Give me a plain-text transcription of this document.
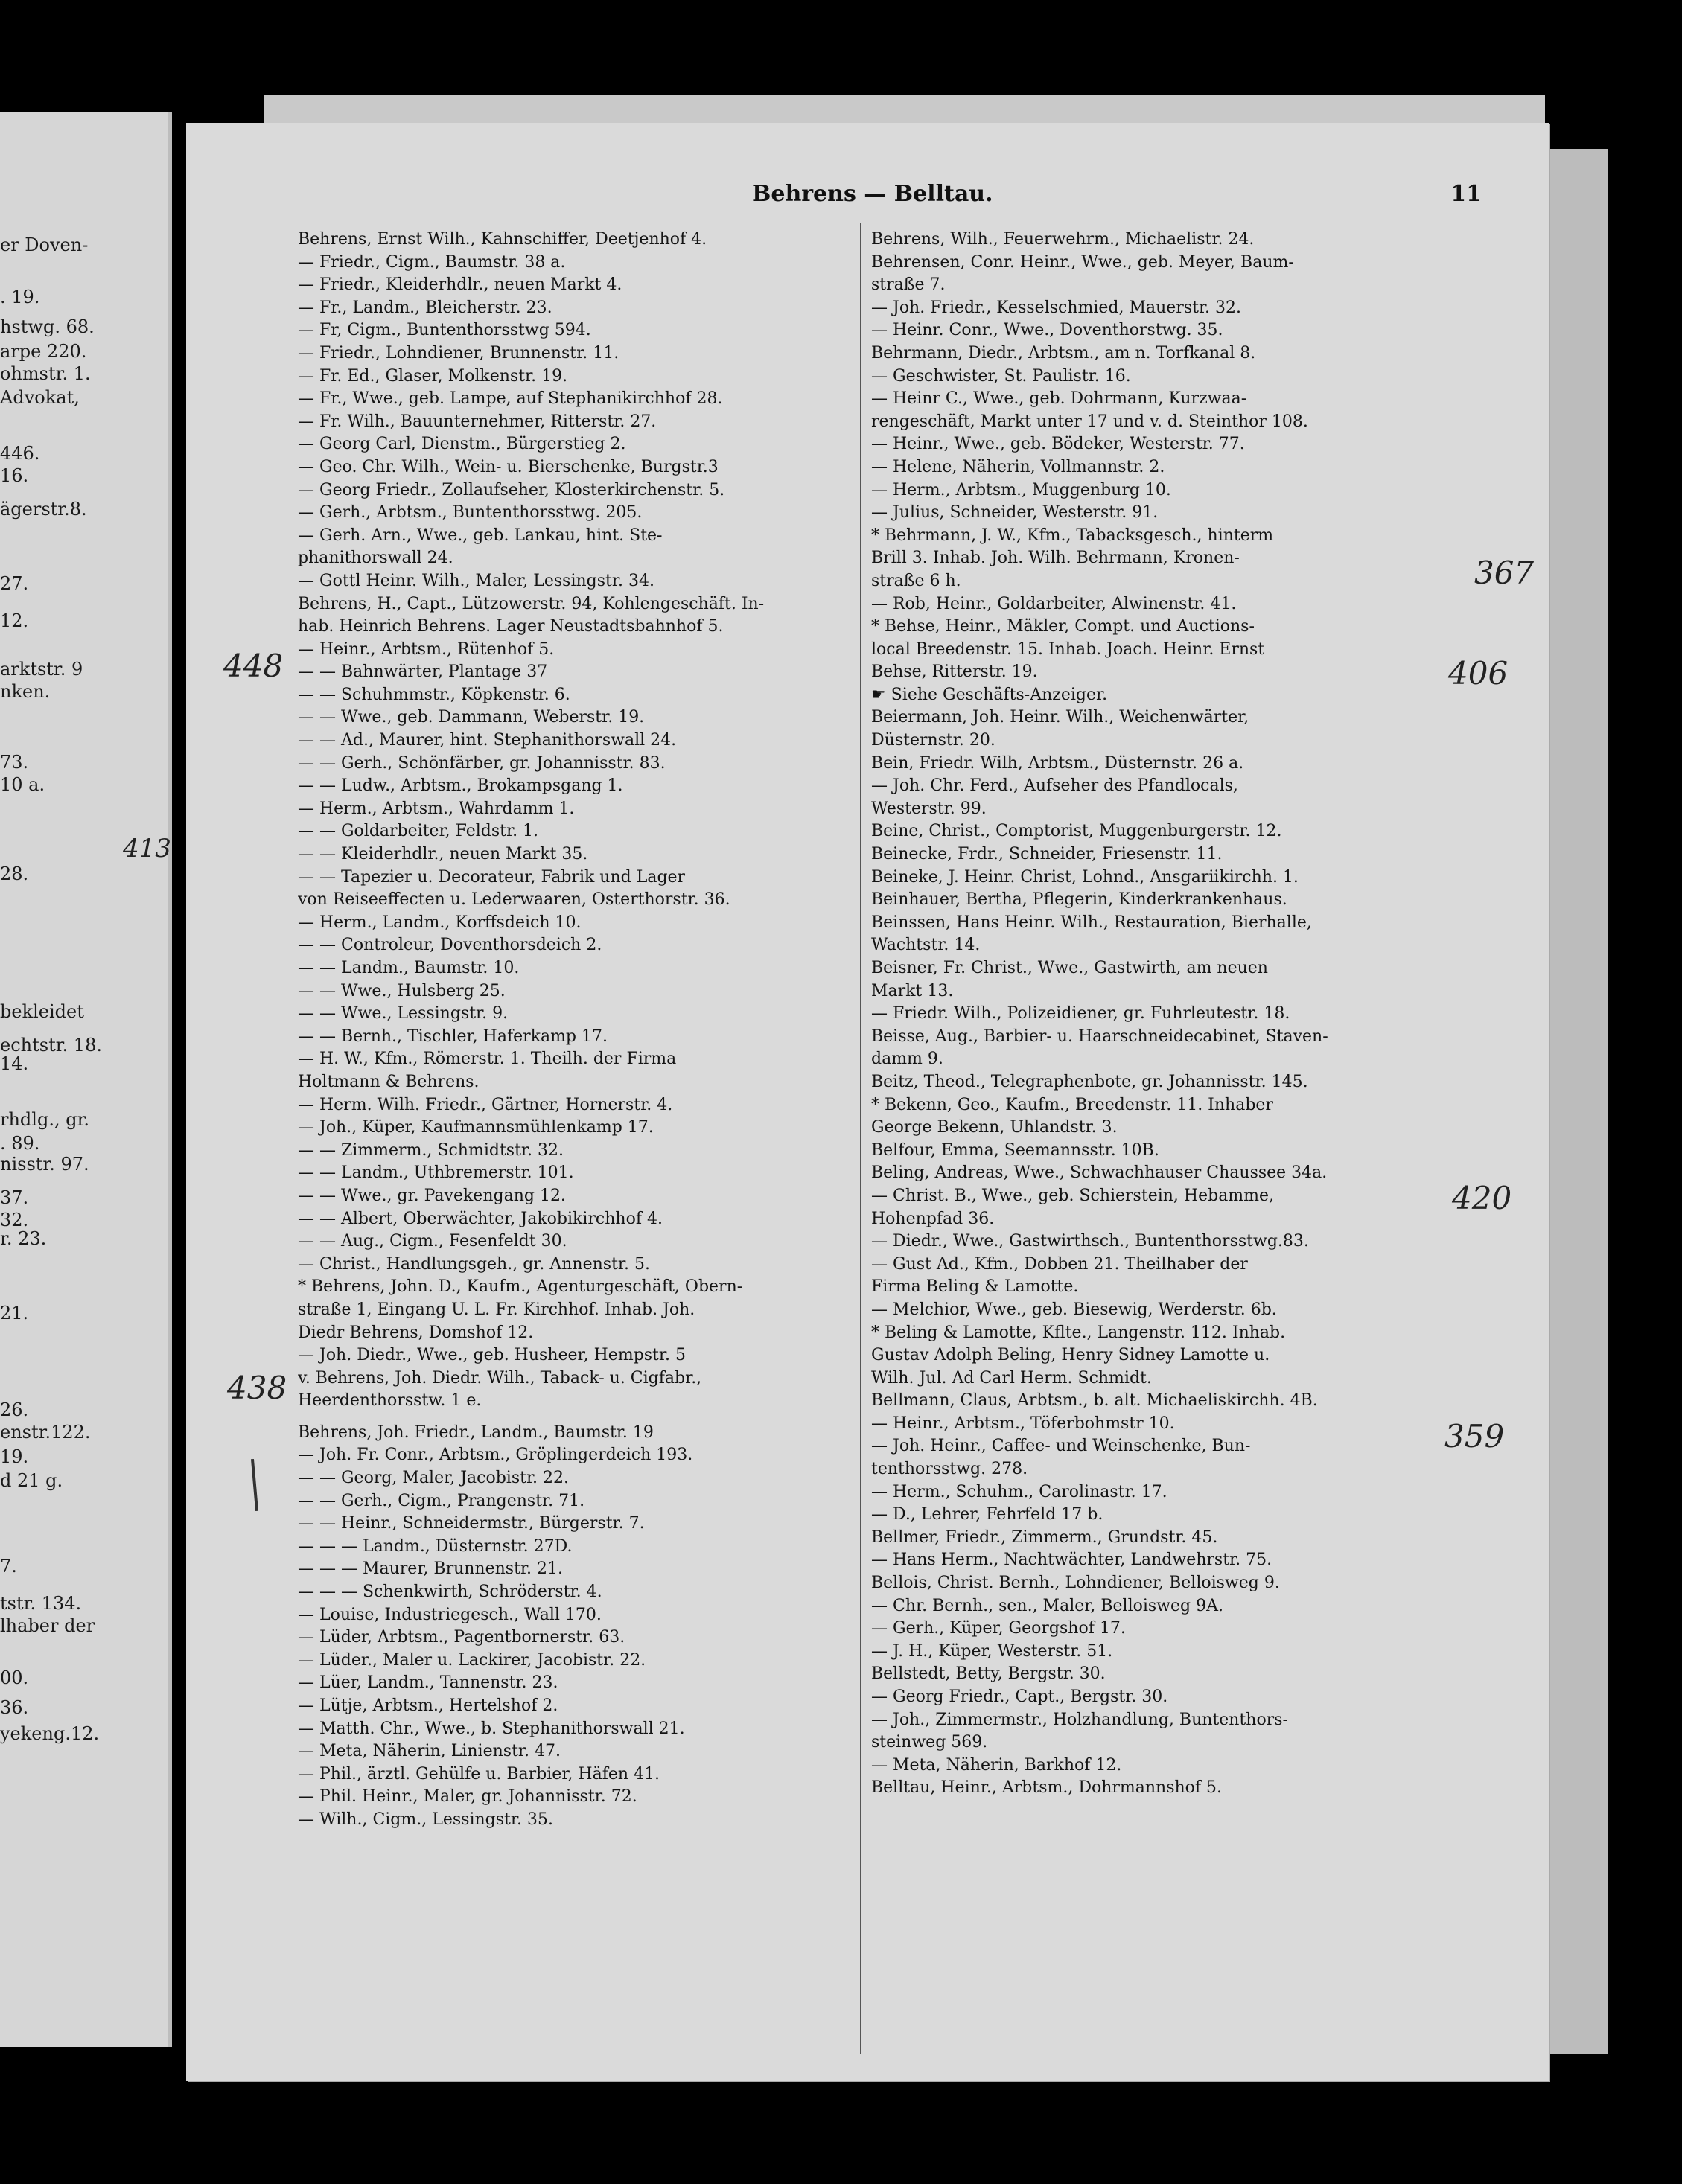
er Doven-
. 19.
hstwg. 68.
arpe 220.
ohmstr. 1.
Advokat,
446.
16.
ägerstr.8.
27.
12.
arktstr. 9
nken.
73.
10 a.
28.
bekleidet
echtstr. 18.
14.
rhdlg., gr.
. 89.
nisstr. 97.
37.
32.
r. 23.
21.
26.
enstr.122.
19.
d 21 g.
7.
tstr. 134.
lhaber der
00.
36.
yekeng.12.
Behrens — Belltau.	11
Behrens, Ernst Wilh., Kahnschiffer, Deetjenhof 4.
— Friedr., Cigm., Baumstr. 38 a.
— Friedr., Kleiderhdlr., neuen Markt 4.
— Fr., Landm., Bleicherstr. 23.
— Fr, Cigm., Buntenthorsstwg 594.
— Friedr., Lohndiener, Brunnenstr. 11.
— Fr. Ed., Glaser, Molkenstr. 19.
— Fr., Wwe., geb. Lampe, auf Stephanikirchhof 28.
— Fr. Wilh., Bauunternehmer, Ritterstr. 27.
— Georg Carl, Dienstm., Bürgerstieg 2.
— Geo. Chr. Wilh., Wein- u. Bierschenke, Burgstr.3
— Georg Friedr., Zollaufseher, Klosterkirchenstr. 5.
— Gerh., Arbtsm., Buntenthorsstwg. 205.
— Gerh. Arn., Wwe., geb. Lankau, hint. Ste-
phanithorswall 24.
— Gottl Heinr. Wilh., Maler, Lessingstr. 34.
Behrens, H., Capt., Lützowerstr. 94, Kohlengeschäft. In-
hab. Heinrich Behrens. Lager Neustadtsbahnhof 5.
— Heinr., Arbtsm., Rütenhof 5.
— — Bahnwärter, Plantage 37
— — Schuhmmstr., Köpkenstr. 6.
— — Wwe., geb. Dammann, Weberstr. 19.
— — Ad., Maurer, hint. Stephanithorswall 24.
— — Gerh., Schönfärber, gr. Johannisstr. 83.
— — Ludw., Arbtsm., Brokampsgang 1.
— Herm., Arbtsm., Wahrdamm 1.
— — Goldarbeiter, Feldstr. 1.
— — Kleiderhdlr., neuen Markt 35.
— — Tapezier u. Decorateur, Fabrik und Lager
von Reiseeffecten u. Lederwaaren, Osterthorstr. 36.
— Herm., Landm., Korffsdeich 10.
— — Controleur, Doventhorsdeich 2.
— — Landm., Baumstr. 10.
— — Wwe., Hulsberg 25.
— — Wwe., Lessingstr. 9.
— — Bernh., Tischler, Haferkamp 17.
— H. W., Kfm., Römerstr. 1. Theilh. der Firma
Holtmann & Behrens.
— Herm. Wilh. Friedr., Gärtner, Hornerstr. 4.
— Joh., Küper, Kaufmannsmühlenkamp 17.
— — Zimmerm., Schmidtstr. 32.
— — Landm., Uthbremerstr. 101.
— — Wwe., gr. Pavekengang 12.
— — Albert, Oberwächter, Jakobikirchhof 4.
— — Aug., Cigm., Fesenfeldt 30.
— Christ., Handlungsgeh., gr. Annenstr. 5.
* Behrens, John. D., Kaufm., Agenturgeschäft, Obern-
straße 1, Eingang U. L. Fr. Kirchhof. Inhab. Joh.
Diedr Behrens, Domshof 12.
— Joh. Diedr., Wwe., geb. Husheer, Hempstr. 5
v. Behrens, Joh. Diedr. Wilh., Taback- u. Cigfabr.,
Heerdenthorsstw. 1 e.
Behrens, Joh. Friedr., Landm., Baumstr. 19
— Joh. Fr. Conr., Arbtsm., Gröplingerdeich 193.
— — Georg, Maler, Jacobistr. 22.
— — Gerh., Cigm., Prangenstr. 71.
— — Heinr., Schneidermstr., Bürgerstr. 7.
— — — Landm., Düsternstr. 27D.
— — — Maurer, Brunnenstr. 21.
— — — Schenkwirth, Schröderstr. 4.
— Louise, Industriegesch., Wall 170.
— Lüder, Arbtsm., Pagentbornerstr. 63.
— Lüder., Maler u. Lackirer, Jacobistr. 22.
— Lüer, Landm., Tannenstr. 23.
— Lütje, Arbtsm., Hertelshof 2.
— Matth. Chr., Wwe., b. Stephanithorswall 21.
— Meta, Näherin, Linienstr. 47.
— Phil., ärztl. Gehülfe u. Barbier, Häfen 41.
— Phil. Heinr., Maler, gr. Johannisstr. 72.
— Wilh., Cigm., Lessingstr. 35.
Behrens, Wilh., Feuerwehrm., Michaelistr. 24.
Behrensen, Conr. Heinr., Wwe., geb. Meyer, Baum-
straße 7.
— Joh. Friedr., Kesselschmied, Mauerstr. 32.
— Heinr. Conr., Wwe., Doventhorstwg. 35.
Behrmann, Diedr., Arbtsm., am n. Torfkanal 8.
— Geschwister, St. Paulistr. 16.
— Heinr C., Wwe., geb. Dohrmann, Kurzwaa-
rengeschäft, Markt unter 17 und v. d. Steinthor 108.
— Heinr., Wwe., geb. Bödeker, Westerstr. 77.
— Helene, Näherin, Vollmannstr. 2.
— Herm., Arbtsm., Muggenburg 10.
— Julius, Schneider, Westerstr. 91.
* Behrmann, J. W., Kfm., Tabacksgesch., hinterm
Brill 3. Inhab. Joh. Wilh. Behrmann, Kronen-
straße 6 h.
— Rob, Heinr., Goldarbeiter, Alwinenstr. 41.
* Behse, Heinr., Mäkler, Compt. und Auctions-
local Breedenstr. 15. Inhab. Joach. Heinr. Ernst
Behse, Ritterstr. 19.
☛ Siehe Geschäfts-Anzeiger.
Beiermann, Joh. Heinr. Wilh., Weichenwärter,
Düsternstr. 20.
Bein, Friedr. Wilh, Arbtsm., Düsternstr. 26 a.
— Joh. Chr. Ferd., Aufseher des Pfandlocals,
Westerstr. 99.
Beine, Christ., Comptorist, Muggenburgerstr. 12.
Beinecke, Frdr., Schneider, Friesenstr. 11.
Beineke, J. Heinr. Christ, Lohnd., Ansgariikirchh. 1.
Beinhauer, Bertha, Pflegerin, Kinderkrankenhaus.
Beinssen, Hans Heinr. Wilh., Restauration, Bierhalle,
Wachtstr. 14.
Beisner, Fr. Christ., Wwe., Gastwirth, am neuen
Markt 13.
— Friedr. Wilh., Polizeidiener, gr. Fuhrleutestr. 18.
Beisse, Aug., Barbier- u. Haarschneidecabinet, Staven-
damm 9.
Beitz, Theod., Telegraphenbote, gr. Johannisstr. 145.
* Bekenn, Geo., Kaufm., Breedenstr. 11. Inhaber
George Bekenn, Uhlandstr. 3.
Belfour, Emma, Seemannsstr. 10B.
Beling, Andreas, Wwe., Schwachhauser Chaussee 34a.
— Christ. B., Wwe., geb. Schierstein, Hebamme,
Hohenpfad 36.
— Diedr., Wwe., Gastwirthsch., Buntenthorsstwg.83.
— Gust Ad., Kfm., Dobben 21. Theilhaber der
Firma Beling & Lamotte.
— Melchior, Wwe., geb. Biesewig, Werderstr. 6b.
* Beling & Lamotte, Kflte., Langenstr. 112. Inhab.
Gustav Adolph Beling, Henry Sidney Lamotte u.
Wilh. Jul. Ad Carl Herm. Schmidt.
Bellmann, Claus, Arbtsm., b. alt. Michaeliskirchh. 4B.
— Heinr., Arbtsm., Töferbohmstr 10.
— Joh. Heinr., Caffee- und Weinschenke, Bun-
tenthorsstwg. 278.
— Herm., Schuhm., Carolinastr. 17.
— D., Lehrer, Fehrfeld 17 b.
Bellmer, Friedr., Zimmerm., Grundstr. 45.
— Hans Herm., Nachtwächter, Landwehrstr. 75.
Bellois, Christ. Bernh., Lohndiener, Belloisweg 9.
— Chr. Bernh., sen., Maler, Belloisweg 9A.
— Gerh., Küper, Georgshof 17.
— J. H., Küper, Westerstr. 51.
Bellstedt, Betty, Bergstr. 30.
— Georg Friedr., Capt., Bergstr. 30.
— Joh., Zimmermstr., Holzhandlung, Buntenthors-
steinweg 569.
— Meta, Näherin, Barkhof 12.
Belltau, Heinr., Arbtsm., Dohrmannshof 5.
448
438
367
406
420
359
413
